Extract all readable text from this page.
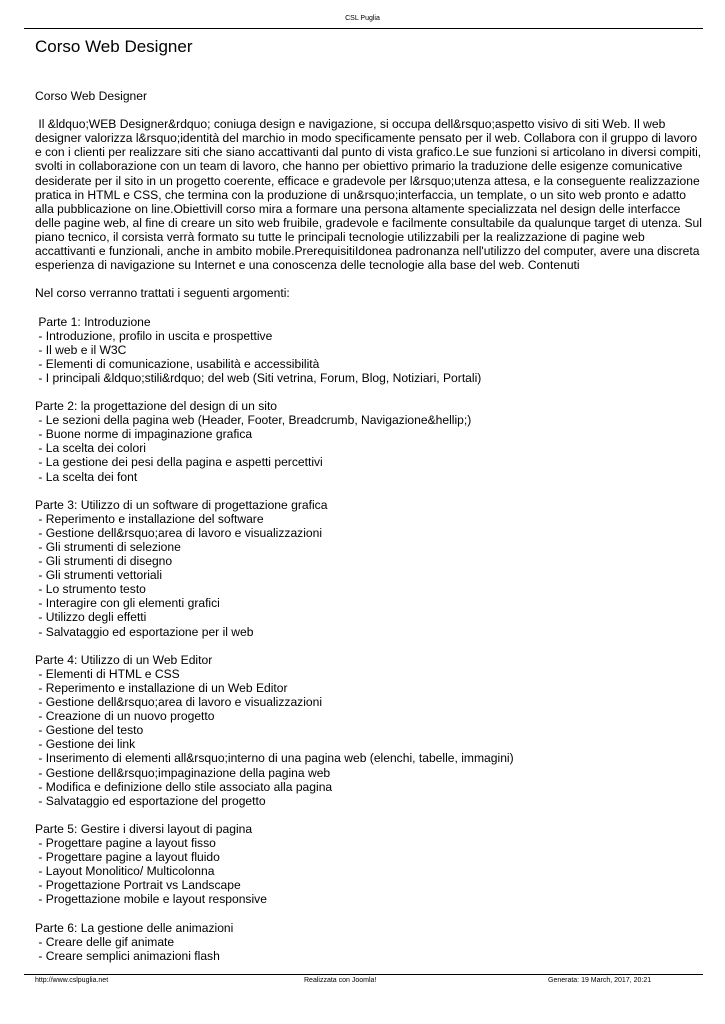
CSL Puglia
Corso Web Designer

Corso Web Designer

Il &ldquo;WEB Designer&rdquo; coniuga design e navigazione, si occupa dell&rsquo;aspetto visivo di siti Web. Il web designer valorizza l&rsquo;identità del marchio in modo specificamente pensato per il web. Collabora con il gruppo di lavoro e con i clienti per realizzare siti che siano accattivanti dal punto di vista grafico.Le sue funzioni si articolano in diversi compiti, svolti in collaborazione con un team di lavoro, che hanno per obiettivo primario la traduzione delle esigenze comunicative desiderate per il sito in un progetto coerente, efficace e gradevole per l&rsquo;utenza attesa, e la conseguente realizzazione pratica in HTML e CSS, che termina con la produzione di un&rsquo;interfaccia, un template, o un sito web pronto e adatto alla pubblicazione on line.Obiettivill corso mira a formare una persona altamente specializzata nel design delle interfacce delle pagine web, al fine di creare un sito web fruibile, gradevole e facilmente consultabile da qualunque target di utenza. Sul piano tecnico, il corsista verrà formato su tutte le principali tecnologie utilizzabili per la realizzazione di pagine web accattivanti e funzionali, anche in ambito mobile.PrerequisitiIdonea padronanza nell'utilizzo del computer, avere una discreta esperienza di navigazione su Internet e una conoscenza delle tecnologie alla base del web. Contenuti

Nel corso verranno trattati i seguenti argomenti:

Parte 1: Introduzione

- Introduzione, profilo in uscita e prospettive

- Il web e il W3C

- Elementi di comunicazione, usabilità e accessibilità

- I principali &ldquo;stili&rdquo; del web (Siti vetrina, Forum, Blog, Notiziari, Portali)

Parte 2: la progettazione del design di un sito

- Le sezioni della pagina web (Header, Footer, Breadcrumb, Navigazione&hellip;)

- Buone norme di impaginazione grafica

- La scelta dei colori

- La gestione dei pesi della pagina e aspetti percettivi

- La scelta dei font

Parte 3: Utilizzo di un software di progettazione grafica

- Reperimento e installazione del software

- Gestione dell&rsquo;area di lavoro e visualizzazioni

- Gli strumenti di selezione

- Gli strumenti di disegno

- Gli strumenti vettoriali

- Lo strumento testo

- Interagire con gli elementi grafici

- Utilizzo degli effetti

- Salvataggio ed esportazione per il web

Parte 4: Utilizzo di un Web Editor

- Elementi di HTML e CSS

- Reperimento e installazione di un Web Editor

- Gestione dell&rsquo;area di lavoro e visualizzazioni

- Creazione di un nuovo progetto

- Gestione del testo

- Gestione dei link

- Inserimento di elementi all&rsquo;interno di una pagina web (elenchi, tabelle, immagini)

- Gestione dell&rsquo;impaginazione della pagina web

- Modifica e definizione dello stile associato alla pagina

- Salvataggio ed esportazione del progetto

Parte 5: Gestire i diversi layout di pagina

- Progettare pagine a layout fisso

- Progettare pagine a layout fluido

- Layout Monolitico/ Multicolonna

- Progettazione Portrait vs Landscape

- Progettazione mobile e layout responsive

Parte 6: La gestione delle animazioni

- Creare delle gif animate

- Creare semplici animazioni flash

http://www.cslpuglia.net	Realizzata con Joomla!	Generata: 19 March, 2017, 20:21
